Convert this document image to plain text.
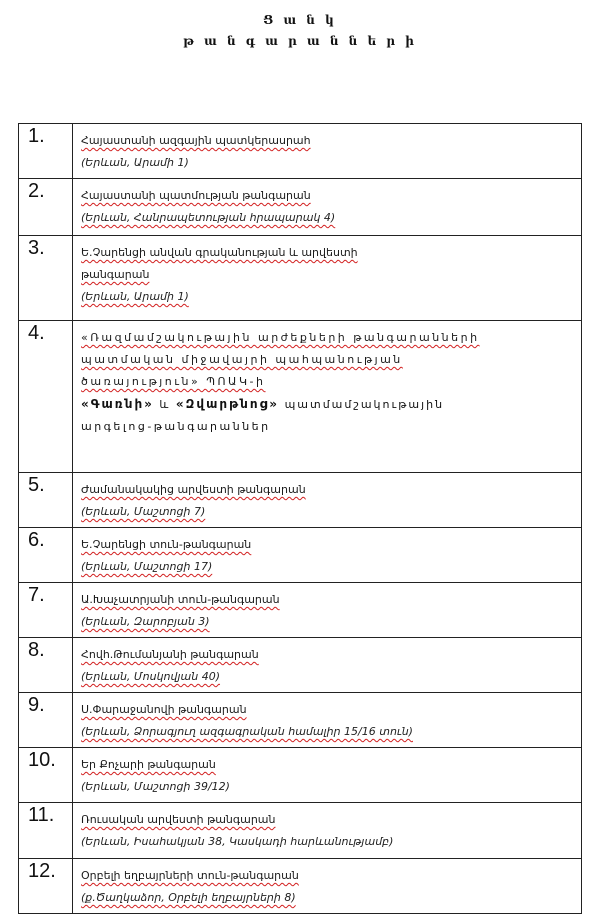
Ց ա ն կ
թ ա ն գ ա ր ա ն ն ե ր ի
1.	Հայաստանի ազգային պատկերասրահ
(Երևան, Արամի 1)

2.	Հայաստանի պատմության թանգարան
(Երևան, Հանրապետության հրապարակ 4)

3.	Ե.Չարենցի անվան գրականության և արվեստի
թանգարան
(Երևան, Արամի 1)

4.	«Ռազմամշակութային արժեքների թանգարանների
պատմական միջավայրի պահպանության
ծառայություն» ՊՈԱԿ-ի
«Գառնի» և «Զվարթնոց» պատմամշակութային
արգելոց-թանգարաններ

5.	Ժամանակակից արվեստի թանգարան
(Երևան, Մաշտոցի 7)

6.	Ե.Չարենցի տուն-թանգարան
(Երևան, Մաշտոցի 17)

7.	Ա.Խաչատրյանի տուն-թանգարան
(Երևան, Զարոբյան 3)

8.	Հովհ.Թումանյանի թանգարան
(Երևան, Մոսկովյան 40)

9.	Ս.Փարաջանովի թանգարան
(Երևան, Ձորագյուղ ազգագրական համալիր 15/16 տուն)

10.	Եր Քոչարի թանգարան
(Երևան, Մաշտոցի 39/12)

11.	Ռուսական արվեստի թանգարան
(Երևան, Իսահակյան 38, Կասկադի հարևանությամբ)

12.	Օրբելի եղբայրների տուն-թանգարան
(ք.Ծաղկաձոր, Օրբելի եղբայրների 8)
